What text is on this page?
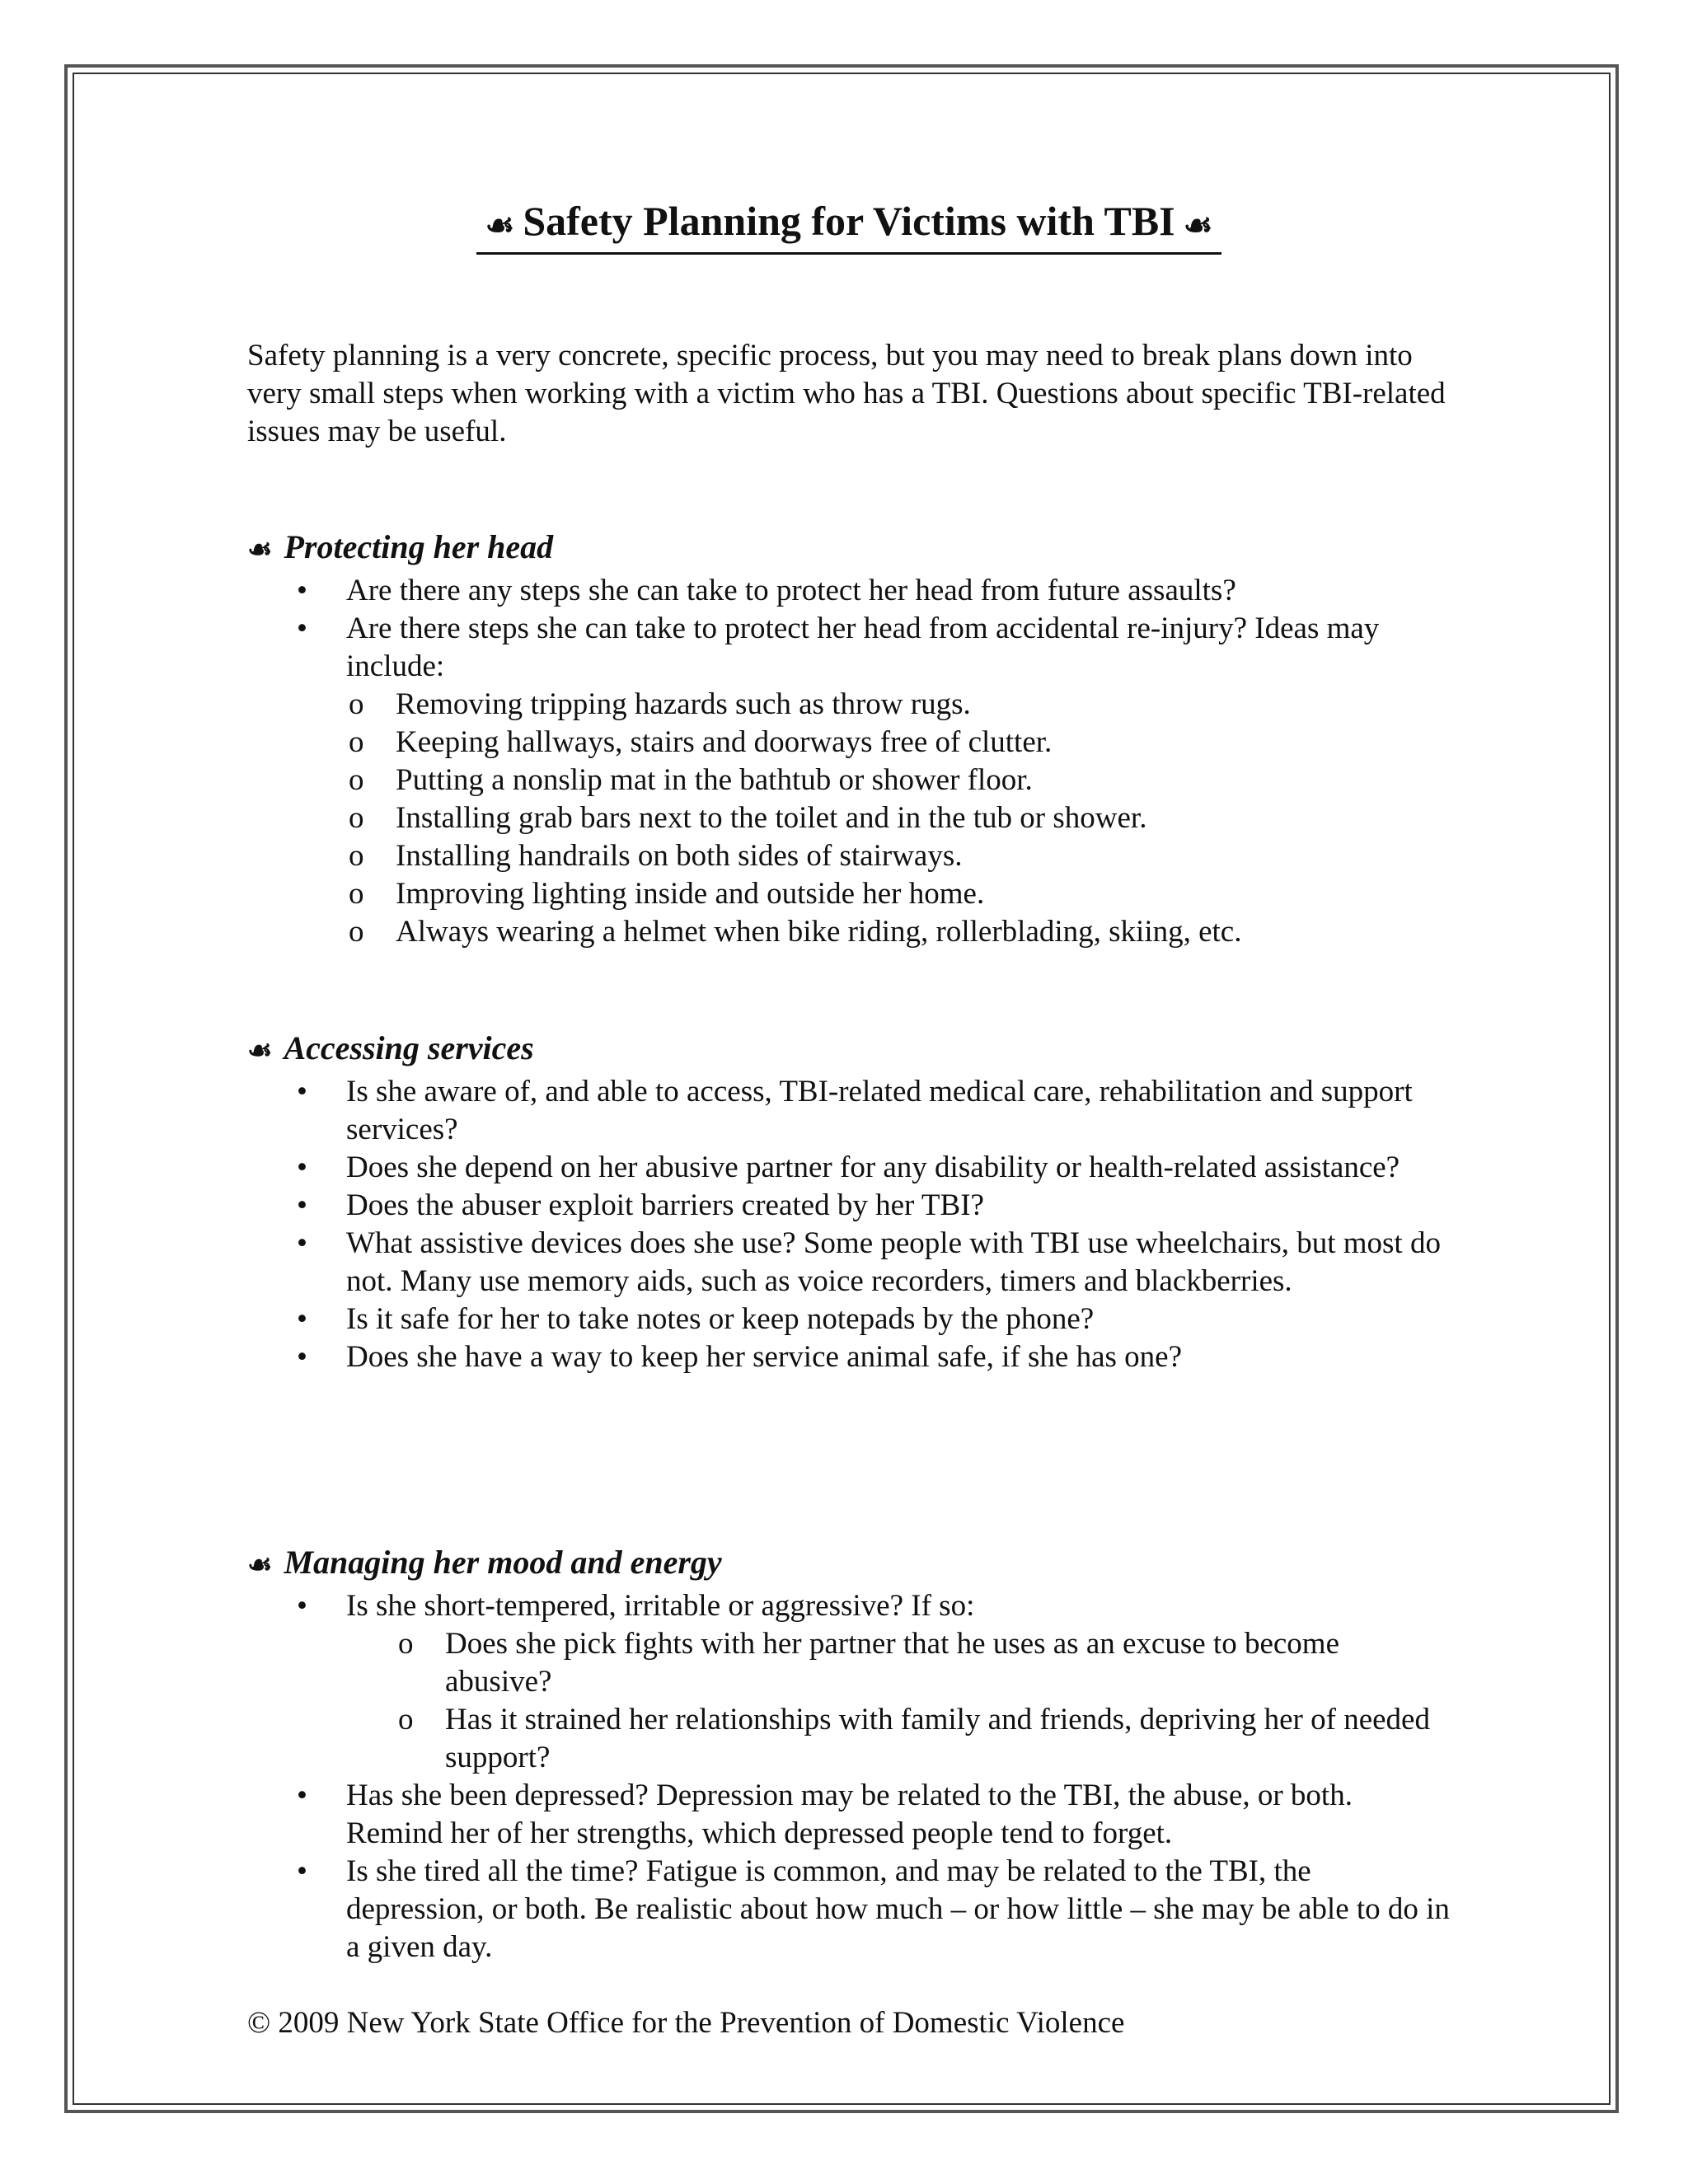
☙ Safety Planning for Victims with TBI ☙
Safety planning is a very concrete, specific process, but you may need to break plans down into very small steps when working with a victim who has a TBI. Questions about specific TBI-related issues may be useful.
☙ Protecting her head
• Are there any steps she can take to protect her head from future assaults?
• Are there steps she can take to protect her head from accidental re-injury? Ideas may include:
o Removing tripping hazards such as throw rugs.
o Keeping hallways, stairs and doorways free of clutter.
o Putting a nonslip mat in the bathtub or shower floor.
o Installing grab bars next to the toilet and in the tub or shower.
o Installing handrails on both sides of stairways.
o Improving lighting inside and outside her home.
o Always wearing a helmet when bike riding, rollerblading, skiing, etc.
☙ Accessing services
• Is she aware of, and able to access, TBI-related medical care, rehabilitation and support services?
• Does she depend on her abusive partner for any disability or health-related assistance?
• Does the abuser exploit barriers created by her TBI?
• What assistive devices does she use? Some people with TBI use wheelchairs, but most do not. Many use memory aids, such as voice recorders, timers and blackberries.
• Is it safe for her to take notes or keep notepads by the phone?
• Does she have a way to keep her service animal safe, if she has one?
☙ Managing her mood and energy
• Is she short-tempered, irritable or aggressive? If so:
o Does she pick fights with her partner that he uses as an excuse to become abusive?
o Has it strained her relationships with family and friends, depriving her of needed support?
• Has she been depressed? Depression may be related to the TBI, the abuse, or both. Remind her of her strengths, which depressed people tend to forget.
• Is she tired all the time? Fatigue is common, and may be related to the TBI, the depression, or both. Be realistic about how much – or how little – she may be able to do in a given day.
© 2009 New York State Office for the Prevention of Domestic Violence
